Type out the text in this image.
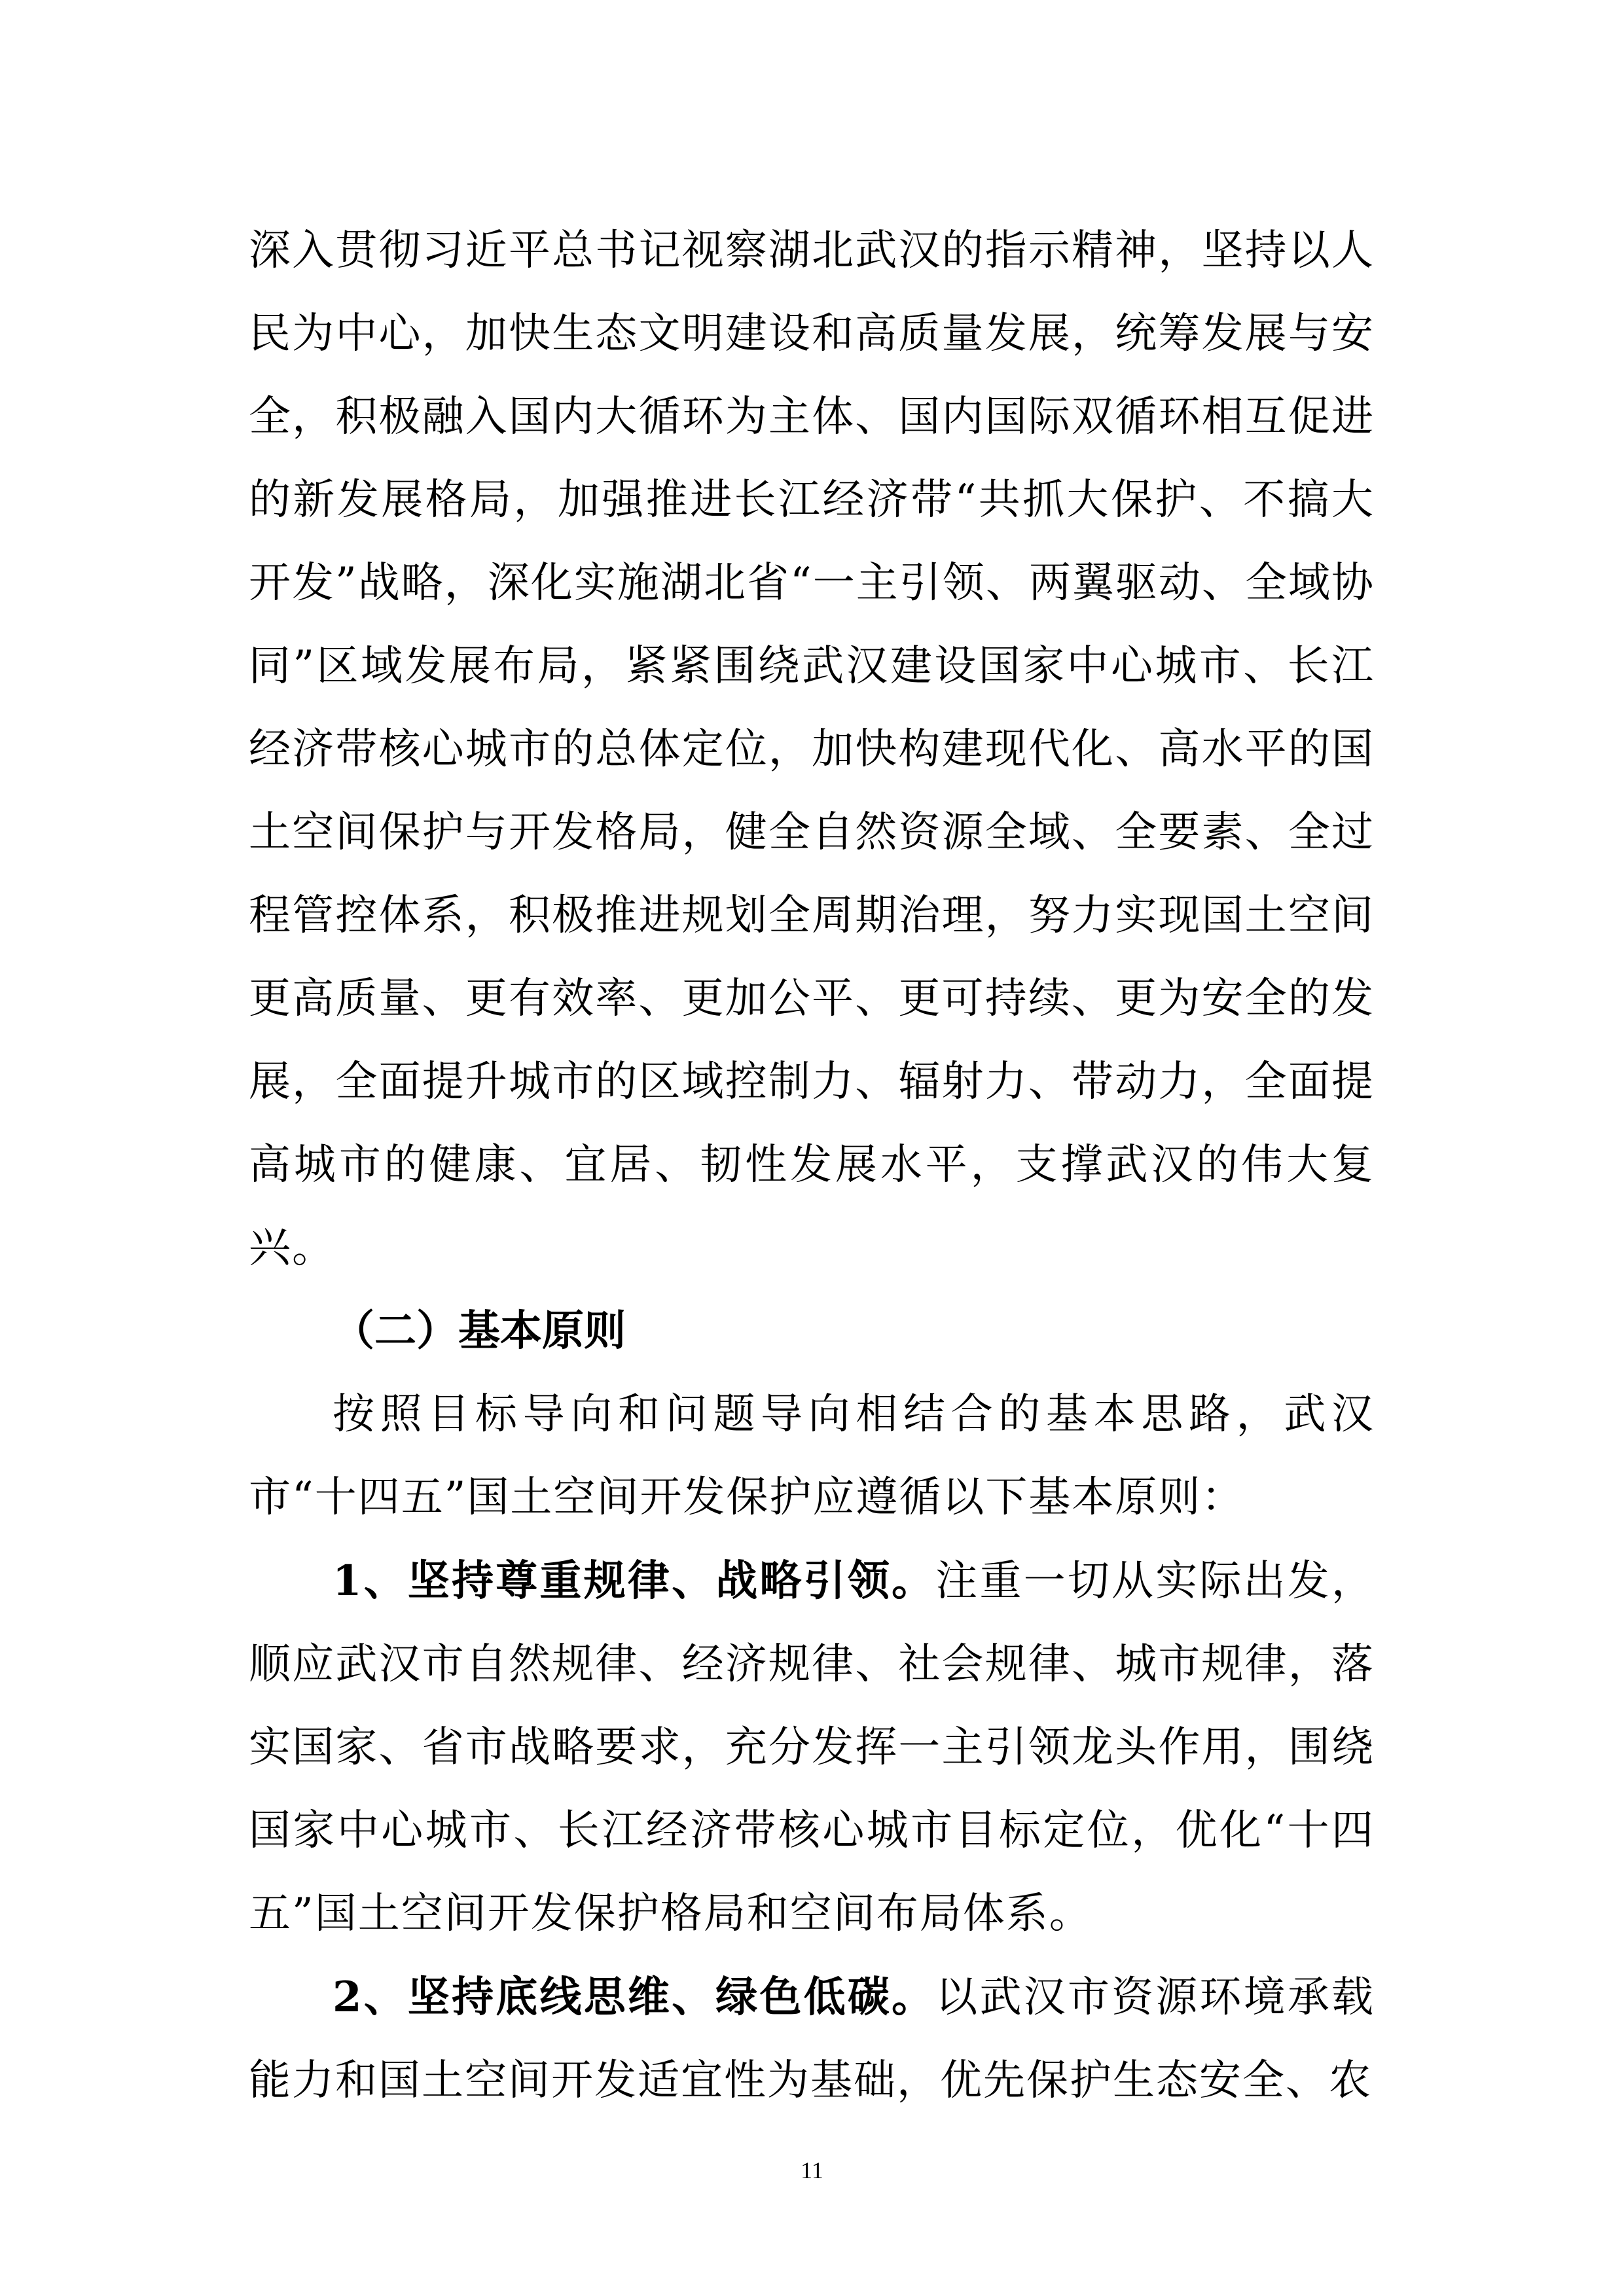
深入贯彻习近平总书记视察湖北武汉的指示精神，坚持以人民为中心，加快生态文明建设和高质量发展，统筹发展与安全，积极融入国内大循环为主体、国内国际双循环相互促进的新发展格局，加强推进长江经济带“共抓大保护、不搞大开发”战略，深化实施湖北省“一主引领、两翼驱动、全域协同”区域发展布局，紧紧围绕武汉建设国家中心城市、长江经济带核心城市的总体定位，加快构建现代化、高水平的国土空间保护与开发格局，健全自然资源全域、全要素、全过程管控体系，积极推进规划全周期治理，努力实现国土空间更高质量、更有效率、更加公平、更可持续、更为安全的发展，全面提升城市的区域控制力、辐射力、带动力，全面提高城市的健康、宜居、韧性发展水平，支撑武汉的伟大复兴。

（二）基本原则

按照目标导向和问题导向相结合的基本思路，武汉市“十四五”国土空间开发保护应遵循以下基本原则：

1、坚持尊重规律、战略引领。注重一切从实际出发，顺应武汉市自然规律、经济规律、社会规律、城市规律，落实国家、省市战略要求，充分发挥一主引领龙头作用，围绕国家中心城市、长江经济带核心城市目标定位，优化“十四五”国土空间开发保护格局和空间布局体系。

2、坚持底线思维、绿色低碳。以武汉市资源环境承载能力和国土空间开发适宜性为基础，优先保护生态安全、农

11
